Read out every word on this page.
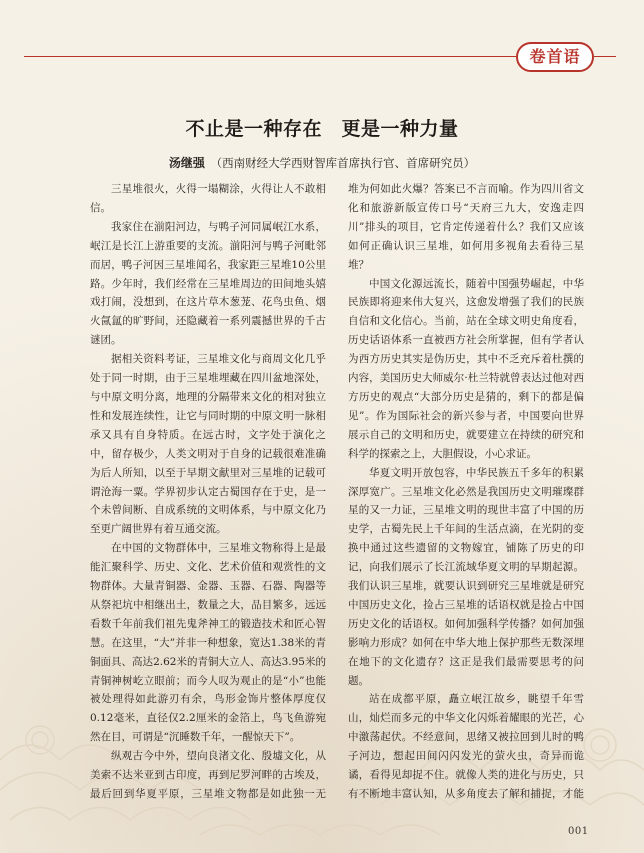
卷首语
不止是一种存在　更是一种力量
汤继强 （西南财经大学西财智库首席执行官、首席研究员）

三星堆很火，火得一塌糊涂，火得让人不敢相信。

我家住在湔阳河边，与鸭子河同属岷江水系，岷江是长江上游重要的支流。湔阳河与鸭子河毗邻而居，鸭子河因三星堆闻名，我家距三星堆10公里路。少年时，我们经常在三星堆周边的田间地头嬉戏打闹，没想到，在这片草木葱茏、花鸟虫鱼、烟火氤氲的旷野间，还隐藏着一系列震撼世界的千古谜团。

据相关资料考证，三星堆文化与商周文化几乎处于同一时期，由于三星堆埋藏在四川盆地深处，与中原文明分离，地理的分隔带来文化的相对独立性和发展连续性，让它与同时期的中原文明一脉相承又具有自身特质。在远古时，文字处于演化之中，留存极少，人类文明对于自身的记载很难准确为后人所知，以至于早期文献里对三星堆的记载可谓沧海一粟。学界初步认定古蜀国存在于史，是一个未曾间断、自成系统的文明体系，与中原文化乃至更广阔世界有着互通交流。

在中国的文物群体中，三星堆文物称得上是最能汇聚科学、历史、文化、艺术价值和观赏性的文物群体。大量青铜器、金器、玉器、石器、陶器等从祭祀坑中相继出土，数量之大，品目繁多，远远看数千年前我们祖先鬼斧神工的锻造技术和匠心智慧。在这里，“大”并非一种想象，宽达1.38米的青铜面具、高达2.62米的青铜大立人、高达3.95米的青铜神树屹立眼前；而今人叹为观止的是“小”也能被处理得如此游刃有余，鸟形金饰片整体厚度仅0.12毫米，直径仅2.2厘米的金箔上，鸟飞鱼游宛然在目，可谓是“沉睡数千年，一醒惊天下”。

纵观古今中外，望向良渚文化、殷墟文化，从美索不达米亚到古印度，再到尼罗河畔的古埃及，最后回到华夏平原，三星堆文物都是如此独一无

堆为何如此火爆？答案已不言而喻。作为四川省文化和旅游新版宣传口号“天府三九大，安逸走四川”排头的项目，它肯定传递着什么？我们又应该如何正确认识三星堆，如何用多视角去看待三星堆？

中国文化源远流长，随着中国强势崛起，中华民族即将迎来伟大复兴，这愈发增强了我们的民族自信和文化信心。当前，站在全球文明史角度看，历史话语体系一直被西方社会所掌握，但有学者认为西方历史其实是伪历史，其中不乏充斥着杜撰的内容，美国历史大师威尔·杜兰特就曾表达过他对西方历史的观点“大部分历史是猜的，剩下的都是偏见”。作为国际社会的新兴参与者，中国要向世界展示自己的文明和历史，就要建立在持续的研究和科学的探索之上，大胆假设，小心求证。

华夏文明开放包容，中华民族五千多年的积累深厚宽广。三星堆文化必然是我国历史文明璀璨群星的又一力证，三星堆文明的现世丰富了中国的历史学，古蜀先民上千年间的生活点滴，在光阴的变换中通过这些遗留的文物嫁宜，铺陈了历史的印记，向我们展示了长江流域华夏文明的早期起源。我们认识三星堆，就要认识到研究三星堆就是研究中国历史文化，捡占三星堆的话语权就是捡占中国历史文化的话语权。如何加强科学传播？如何加强影响力形成？如何在中华大地上保护那些无数深埋在地下的文化遗存？这正是我们最需要思考的问题。

站在成都平原，矗立岷江故乡，眺望千年雪山，灿烂而多元的中华文化闪烁着耀眼的光芒，心中激荡起伏。不经意间，思绪又被拉回到儿时的鸭子河边，想起田间闪闪发光的萤火虫，奇异而诡谲，看得见却捉不住。就像人类的进化与历史，只有不断地丰富认知，从多角度去了解和捕捉，才能

001
